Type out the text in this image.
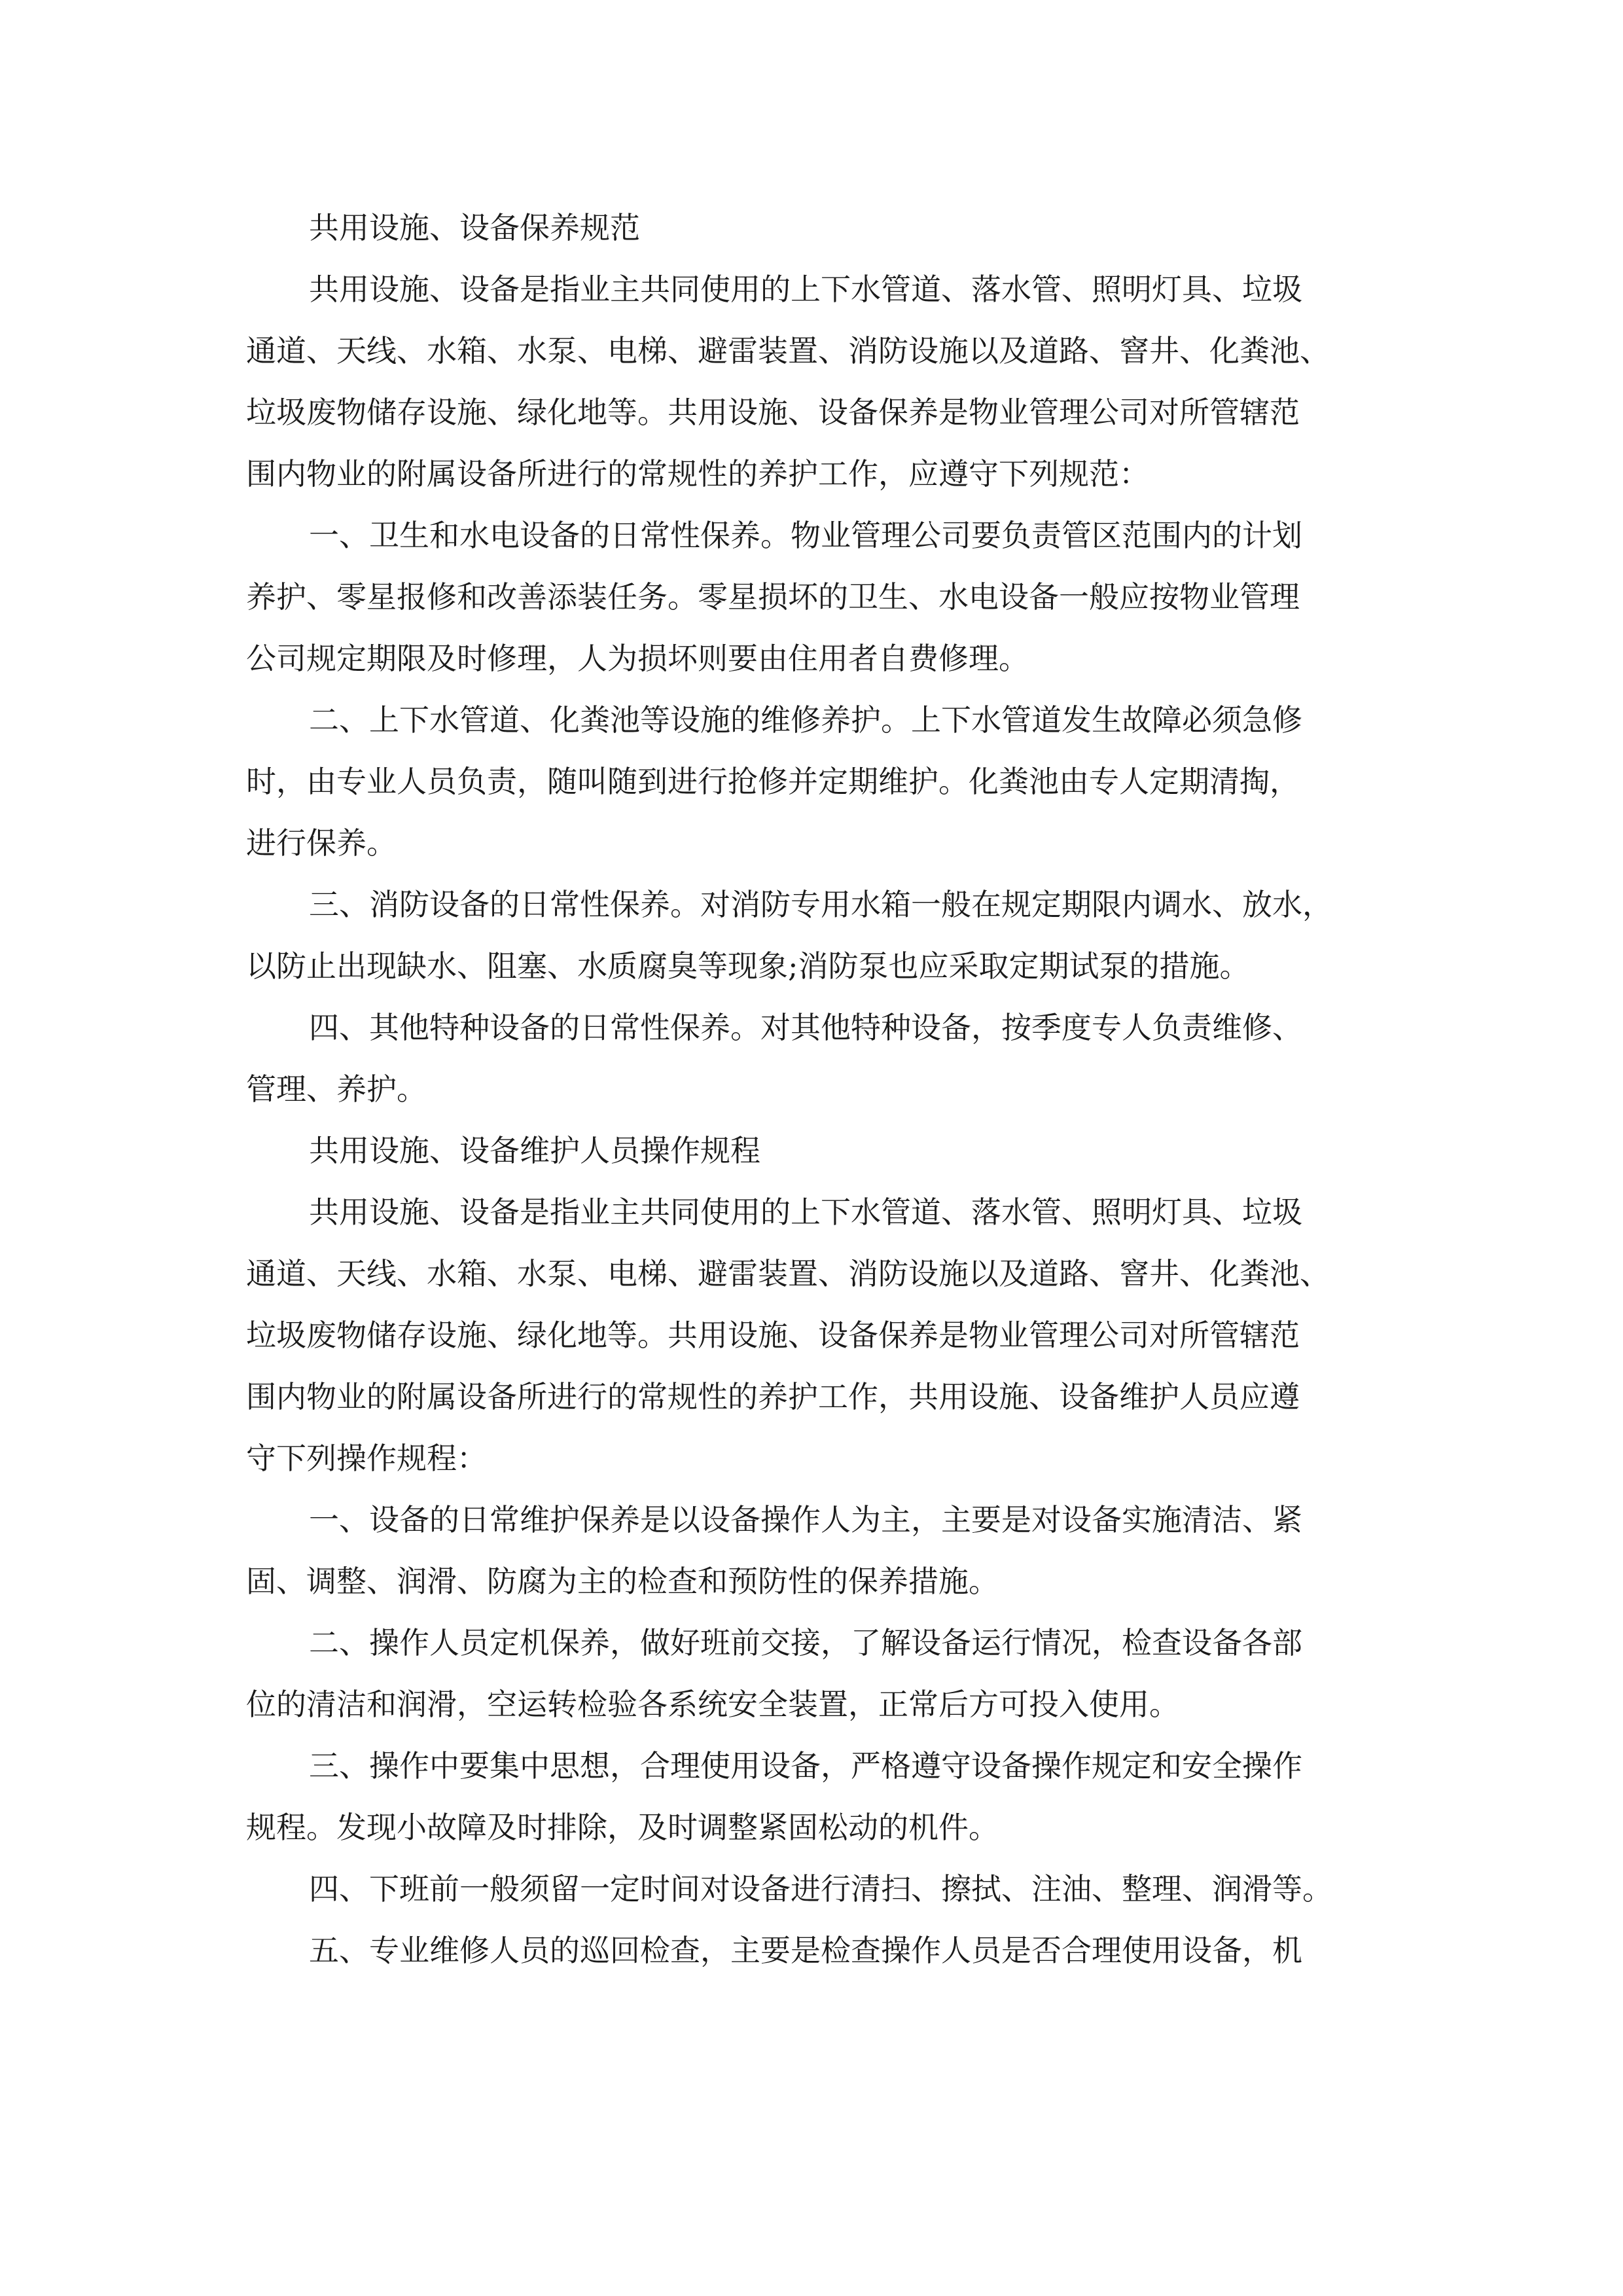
共用设施、设备保养规范

共用设施、设备是指业主共同使用的上下水管道、落水管、照明灯具、垃圾

通道、天线、水箱、水泵、电梯、避雷装置、消防设施以及道路、窨井、化粪池、

垃圾废物储存设施、绿化地等。共用设施、设备保养是物业管理公司对所管辖范

围内物业的附属设备所进行的常规性的养护工作，应遵守下列规范：

一、卫生和水电设备的日常性保养。物业管理公司要负责管区范围内的计划

养护、零星报修和改善添装任务。零星损坏的卫生、水电设备一般应按物业管理

公司规定期限及时修理，人为损坏则要由住用者自费修理。

二、上下水管道、化粪池等设施的维修养护。上下水管道发生故障必须急修

时，由专业人员负责，随叫随到进行抢修并定期维护。化粪池由专人定期清掏，

进行保养。

三、消防设备的日常性保养。对消防专用水箱一般在规定期限内调水、放水，

以防止出现缺水、阻塞、水质腐臭等现象;消防泵也应采取定期试泵的措施。

四、其他特种设备的日常性保养。对其他特种设备，按季度专人负责维修、

管理、养护。

共用设施、设备维护人员操作规程

共用设施、设备是指业主共同使用的上下水管道、落水管、照明灯具、垃圾

通道、天线、水箱、水泵、电梯、避雷装置、消防设施以及道路、窨井、化粪池、

垃圾废物储存设施、绿化地等。共用设施、设备保养是物业管理公司对所管辖范

围内物业的附属设备所进行的常规性的养护工作，共用设施、设备维护人员应遵

守下列操作规程：

一、设备的日常维护保养是以设备操作人为主，主要是对设备实施清洁、紧

固、调整、润滑、防腐为主的检查和预防性的保养措施。

二、操作人员定机保养，做好班前交接，了解设备运行情况，检查设备各部

位的清洁和润滑，空运转检验各系统安全装置，正常后方可投入使用。

三、操作中要集中思想，合理使用设备，严格遵守设备操作规定和安全操作

规程。发现小故障及时排除，及时调整紧固松动的机件。

四、下班前一般须留一定时间对设备进行清扫、擦拭、注油、整理、润滑等。

五、专业维修人员的巡回检查，主要是检查操作人员是否合理使用设备，机
